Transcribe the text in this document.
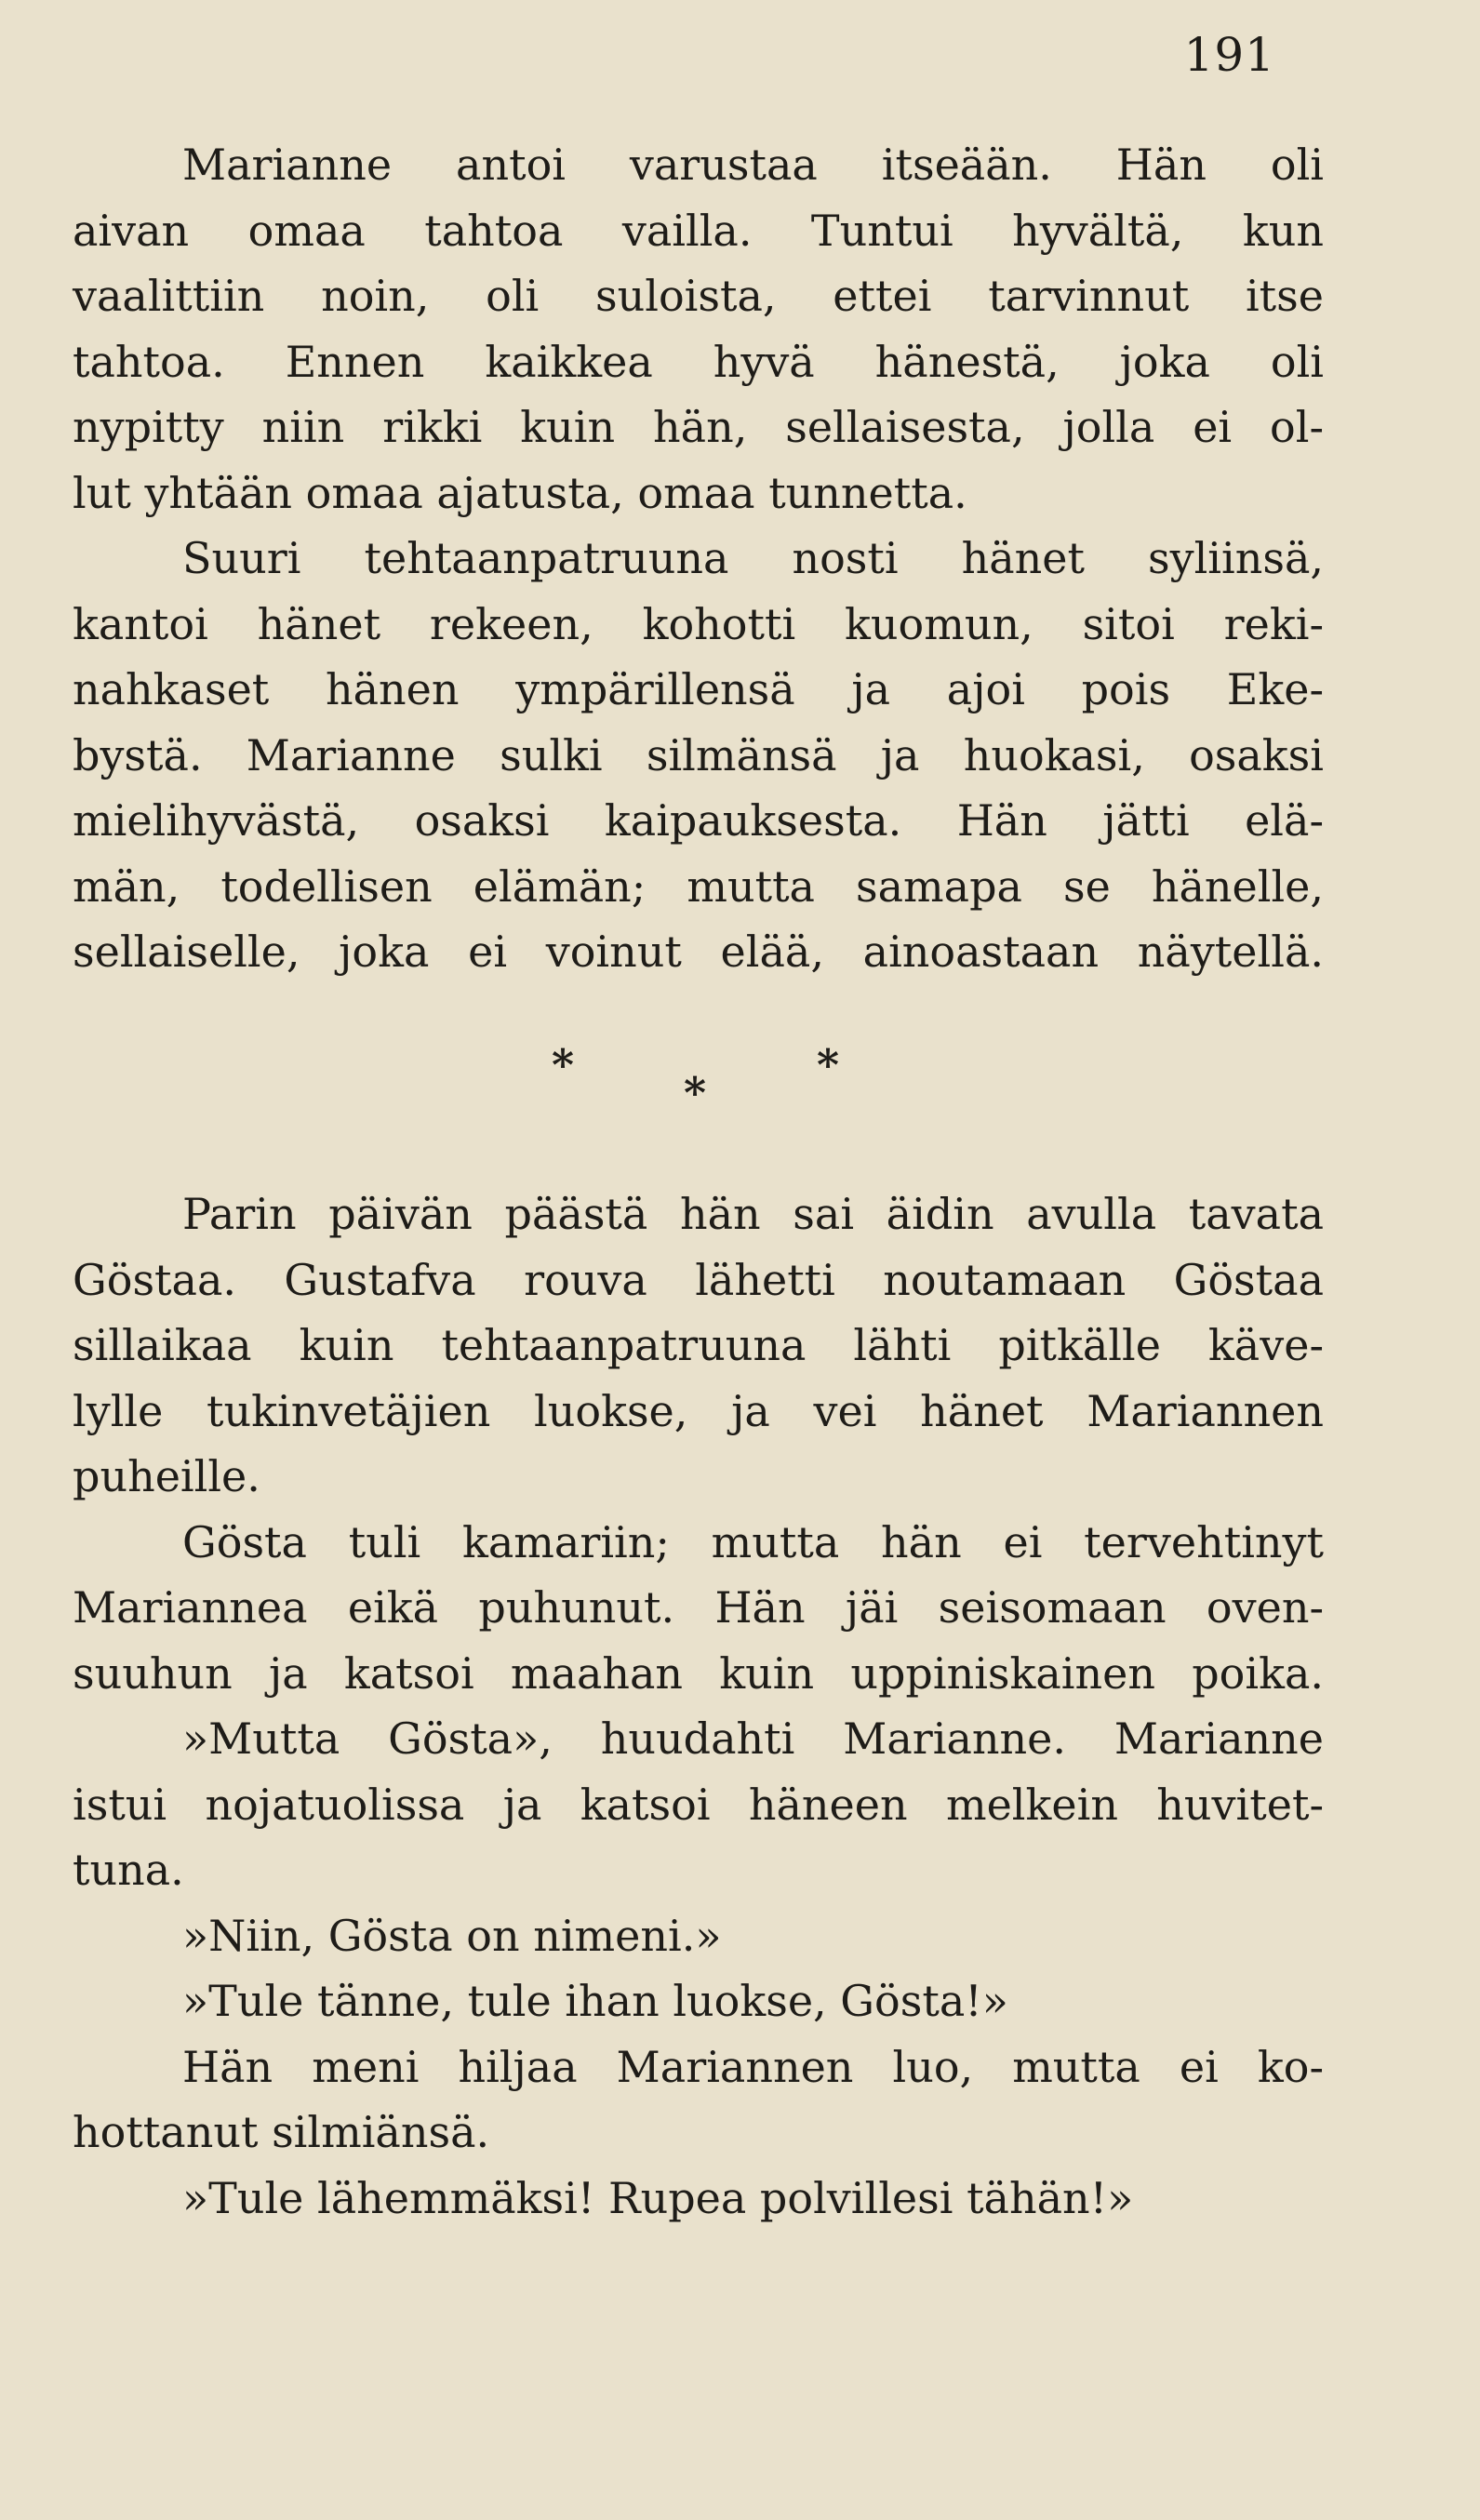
191
Marianne antoi varustaa itseään. Hän oli
aivan omaa tahtoa vailla. Tuntui hyvältä, kun
vaalittiin noin, oli suloista, ettei tarvinnut itse
tahtoa. Ennen kaikkea hyvä hänestä, joka oli
nypitty niin rikki kuin hän, sellaisesta, jolla ei ol-
lut yhtään omaa ajatusta, omaa tunnetta.
Suuri tehtaanpatruuna nosti hänet syliinsä,
kantoi hänet rekeen, kohotti kuomun, sitoi reki-
nahkaset hänen ympärillensä ja ajoi pois Eke-
bystä. Marianne sulki silmänsä ja huokasi, osaksi
mielihyvästä, osaksi kaipauksesta. Hän jätti elä-
män, todellisen elämän; mutta samapa se hänelle,
sellaiselle, joka ei voinut elää, ainoastaan näytellä.
*	*
*
Parin päivän päästä hän sai äidin avulla tavata
Göstaa. Gustafva rouva lähetti noutamaan Göstaa
sillaikaa kuin tehtaanpatruuna lähti pitkälle käve-
lylle tukinvetäjien luokse, ja vei hänet Mariannen
puheille.
Gösta tuli kamariin; mutta hän ei tervehtinyt
Mariannea eikä puhunut. Hän jäi seisomaan oven-
suuhun ja katsoi maahan kuin uppiniskainen poika.
»Mutta Gösta», huudahti Marianne. Marianne
istui nojatuolissa ja katsoi häneen melkein huvitet-
tuna.
»Niin, Gösta on nimeni.»
»Tule tänne, tule ihan luokse, Gösta!»
Hän meni hiljaa Mariannen luo, mutta ei ko-
hottanut silmiänsä.
»Tule lähemmäksi! Rupea polvillesi tähän!»
